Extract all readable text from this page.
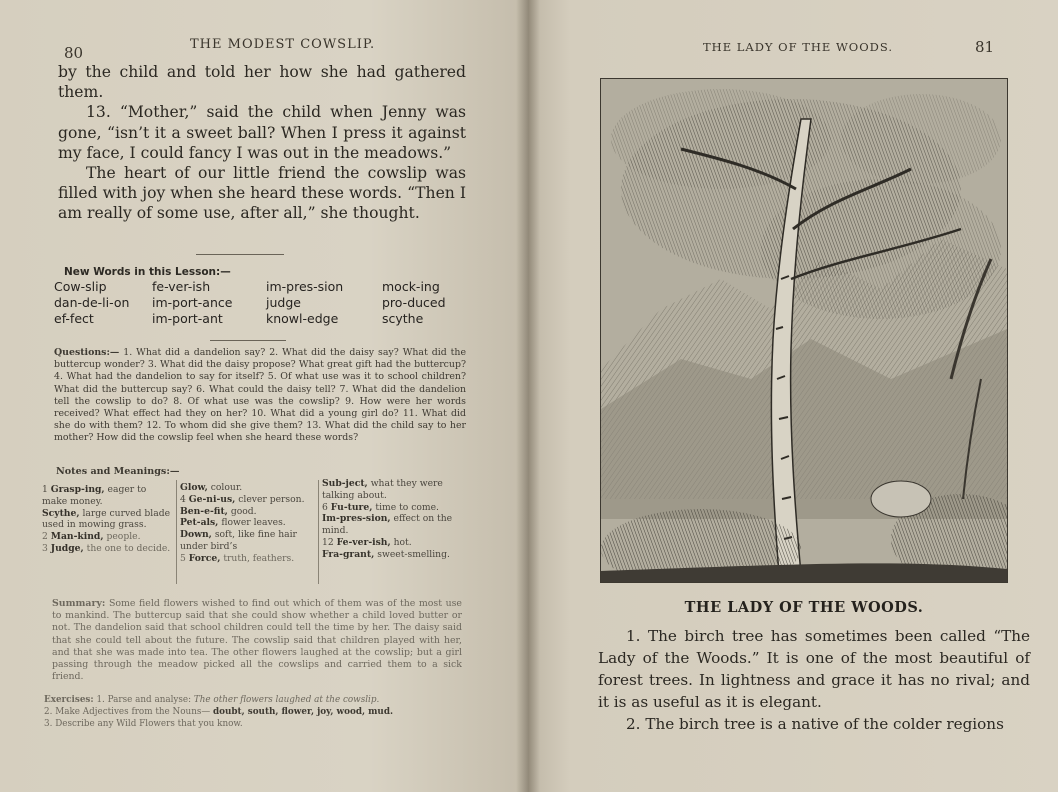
80	THE MODEST COWSLIP.

by the child and told her how she had gathered them.

13. “Mother,” said the child when Jenny was gone, “isn’t it a sweet ball? When I press it against my face, I could fancy I was out in the meadows.”

The heart of our little friend the cowslip was filled with joy when she heard these words. “Then I am really of some use, after all,” she thought.

New Words in this Lesson:—
Cow-slip	fe-ver-ish	im-pres-sion	mock-ing
dan-de-li-on	im-port-ance	judge	pro-duced
ef-fect	im-port-ant	knowl-edge	scythe
Questions:— 1. What did a dandelion say? 2. What did the daisy say? What did the buttercup wonder? 3. What did the daisy propose? What great gift had the buttercup? 4. What had the dandelion to say for itself? 5. Of what use was it to school children? What did the buttercup say? 6. What could the daisy tell? 7. What did the dandelion tell the cowslip to do? 8. Of what use was the cowslip? 9. How were her words received? What effect had they on her? 10. What did a young girl do? 11. What did she do with them? 12. To whom did she give them? 13. What did the child say to her mother? How did the cowslip feel when she heard these words?
Notes and Meanings:—
1 Grasp-ing, eager to make money.
Scythe, large curved blade used in mowing grass.
2 Man-kind, people.
3 Judge, the one to decide.
Glow, colour.
4 Ge-ni-us, clever person.
Ben-e-fit, good.
Pet-als, flower leaves.
Down, soft, like fine hair under bird’s
5 Force, truth, feathers.
Sub-ject, what they were talking about.
6 Fu-ture, time to come.
Im-pres-sion, effect on the mind.
12 Fe-ver-ish, hot.
Fra-grant, sweet-smelling.
Summary: Some field flowers wished to find out which of them was of the most use to mankind. The buttercup said that she could show whether a child loved butter or not. The dandelion said that school children could tell the time by her. The daisy said that she could tell about the future. The cowslip said that children played with her, and that she was made into tea. The other flowers laughed at the cowslip; but a girl passing through the meadow picked all the cowslips and carried them to a sick friend.
Exercises: 1. Parse and analyse: The other flowers laughed at the cowslip.
2. Make Adjectives from the Nouns— doubt, south, flower, joy, wood, mud.
3. Describe any Wild Flowers that you know.
THE LADY OF THE WOODS.	81
THE LADY OF THE WOODS.

1. The birch tree has sometimes been called “The Lady of the Woods.” It is one of the most beautiful of forest trees. In lightness and grace it has no rival; and it is as useful as it is elegant.

2. The birch tree is a native of the colder regions
